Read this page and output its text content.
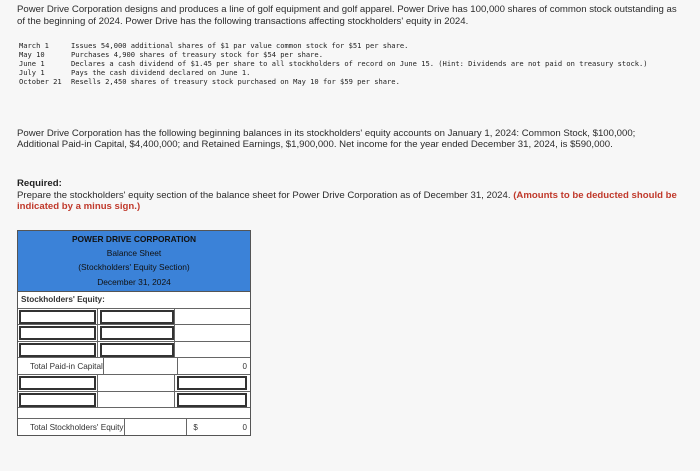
Power Drive Corporation designs and produces a line of golf equipment and golf apparel. Power Drive has 100,000 shares of common stock outstanding as of the beginning of 2024. Power Drive has the following transactions affecting stockholders' equity in 2024.
March 1	Issues 54,000 additional shares of $1 par value common stock for $51 per share.
May 10	Purchases 4,900 shares of treasury stock for $54 per share.
June 1	Declares a cash dividend of $1.45 per share to all stockholders of record on June 15. (Hint: Dividends are not paid on treasury stock.)
July 1	Pays the cash dividend declared on June 1.
October 21	Resells 2,450 shares of treasury stock purchased on May 10 for $59 per share.
Power Drive Corporation has the following beginning balances in its stockholders' equity accounts on January 1, 2024: Common Stock, $100,000; Additional Paid-in Capital, $4,400,000; and Retained Earnings, $1,900,000. Net income for the year ended December 31, 2024, is $590,000.
Required:
Prepare the stockholders' equity section of the balance sheet for Power Drive Corporation as of December 31, 2024. (Amounts to be deducted should be indicated by a minus sign.)
POWER DRIVE CORPORATION
Balance Sheet
(Stockholders' Equity Section)
December 31, 2024
Stockholders' Equity:
Total Paid-in Capital	0
Total Stockholders' Equity	$	0
